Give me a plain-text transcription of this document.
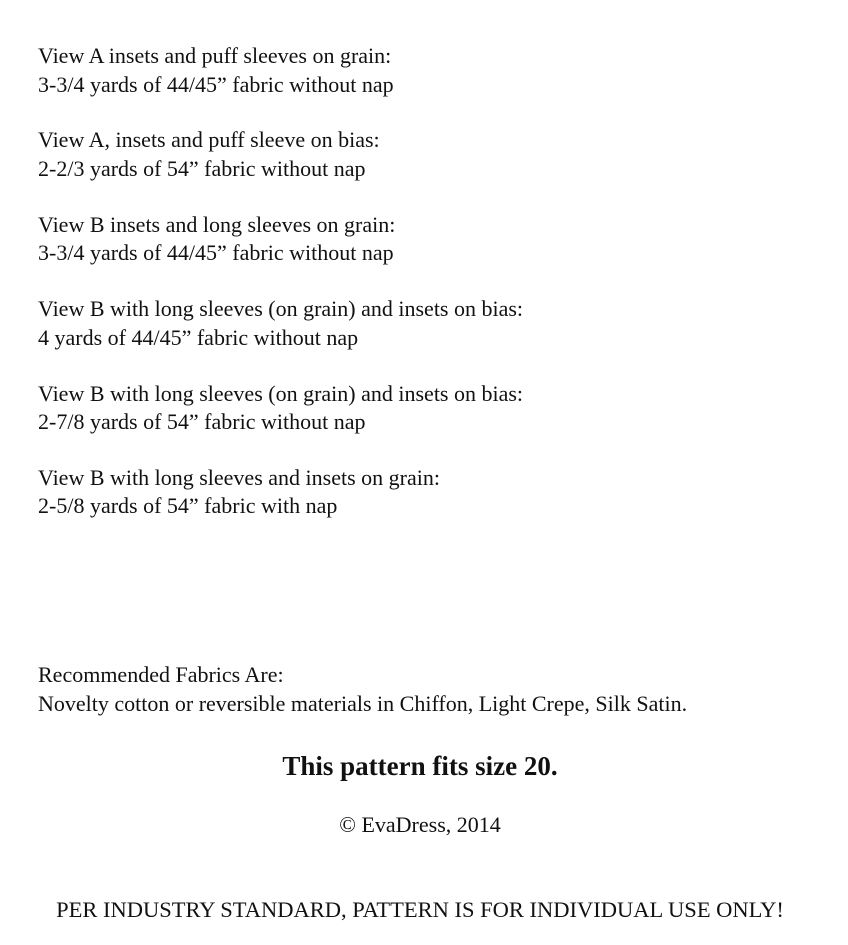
View A insets and puff sleeves on grain:
3-3/4 yards of 44/45” fabric without nap
View A, insets and puff sleeve on bias:
2-2/3 yards of 54” fabric without nap
View B insets and long sleeves on grain:
3-3/4 yards of 44/45” fabric without nap
View B with long sleeves (on grain) and insets on bias:
4 yards of 44/45” fabric without nap
View B with long sleeves (on grain) and insets on bias:
2-7/8 yards of 54” fabric without nap
View B with long sleeves and insets on grain:
2-5/8 yards of 54” fabric with nap
Recommended Fabrics Are:
Novelty cotton or reversible materials in Chiffon, Light Crepe, Silk Satin.
This pattern fits size 20.
© EvaDress, 2014
PER INDUSTRY STANDARD, PATTERN IS FOR INDIVIDUAL USE ONLY!
